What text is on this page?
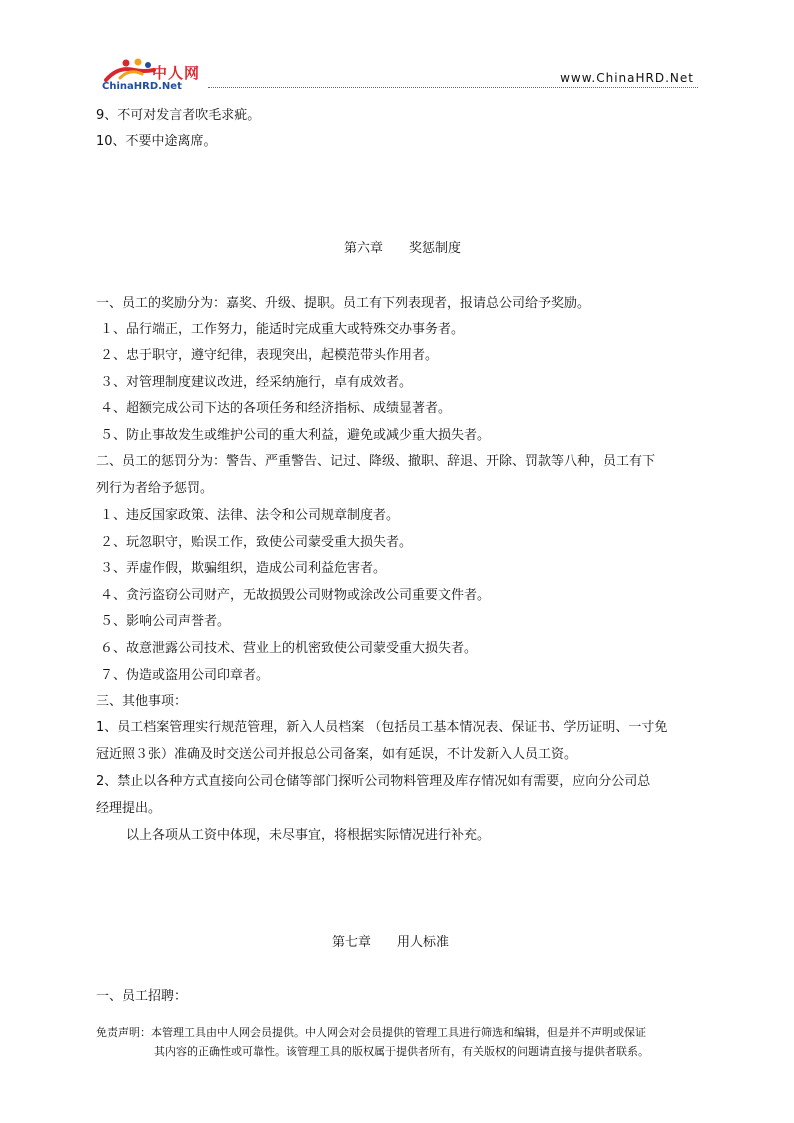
中人网
ChinaHRD.Net
www.ChinaHRD.Net
9、不可对发言者吹毛求疵。
10、不要中途离席。
第六章 奖惩制度
一、员工的奖励分为：嘉奖、升级、提职。员工有下列表现者，报请总公司给予奖励。
１、品行端正，工作努力，能适时完成重大或特殊交办事务者。
２、忠于职守，遵守纪律，表现突出，起模范带头作用者。
３、对管理制度建议改进，经采纳施行，卓有成效者。
４、超额完成公司下达的各项任务和经济指标、成绩显著者。
５、防止事故发生或维护公司的重大利益，避免或减少重大损失者。
二、员工的惩罚分为：警告、严重警告、记过、降级、撤职、辞退、开除、罚款等八种，员工有下
列行为者给予惩罚。
１、违反国家政策、法律、法令和公司规章制度者。
２、玩忽职守，贻误工作，致使公司蒙受重大损失者。
３、弄虚作假，欺骗组织，造成公司利益危害者。
４、贪污盗窃公司财产，无故损毁公司财物或涂改公司重要文件者。
５、影响公司声誉者。
６、故意泄露公司技术、营业上的机密致使公司蒙受重大损失者。
７、伪造或盗用公司印章者。
三、其他事项：
1、员工档案管理实行规范管理，新入人员档案 （包括员工基本情况表、保证书、学历证明、一寸免
冠近照３张）准确及时交送公司并报总公司备案，如有延误，不计发新入人员工资。
2、禁止以各种方式直接向公司仓储等部门探听公司物料管理及库存情况如有需要，应向分公司总
经理提出。
以上各项从工资中体现，未尽事宜，将根据实际情况进行补充。
第七章 用人标准
一、员工招聘：
免责声明：本管理工具由中人网会员提供。中人网会对会员提供的管理工具进行筛选和编辑，但是并不声明或保证
其内容的正确性或可靠性。该管理工具的版权属于提供者所有，有关版权的问题请直接与提供者联系。
